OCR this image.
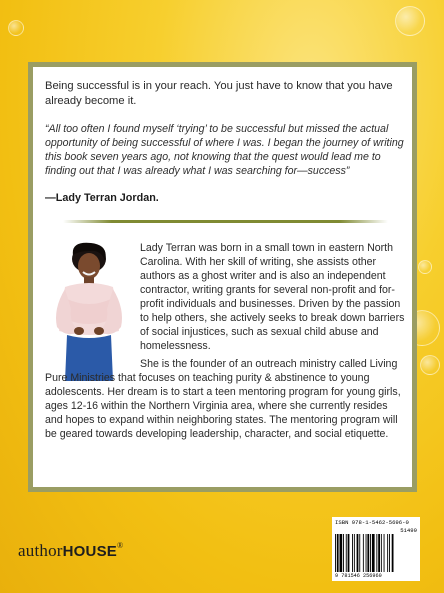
Being successful is in your reach. You just have to know that you have already become it.

“All too often I found myself ‘trying’ to be successful but missed the actual opportunity of being successful of where I was. I began the journey of writing this book seven years ago, not knowing that the quest would lead me to finding out that I was already what I was searching for—success”

—Lady Terran Jordan.

Lady Terran was born in a small town in eastern North Carolina. With her skill of writing, she assists other authors as a ghost writer and is also an independent contractor, writing grants for several non-profit and for-profit individuals and businesses. Driven by the passion to help others, she actively seeks to break down barriers of social injustices, such as sexual child abuse and homelessness.

She is the founder of an outreach ministry called Living Pure Ministries that focuses on teaching purity & abstinence to young adolescents. Her dream is to start a teen mentoring program for young girls, ages 12-16 within the Northern Virginia area, where she currently resides and hopes to expand within neighboring states. The mentoring program will be geared towards developing leadership, character, and social etiquette.

authorHOUSE®
ISBN 978-1-5462-5696-0
51499
9 781546 256960
